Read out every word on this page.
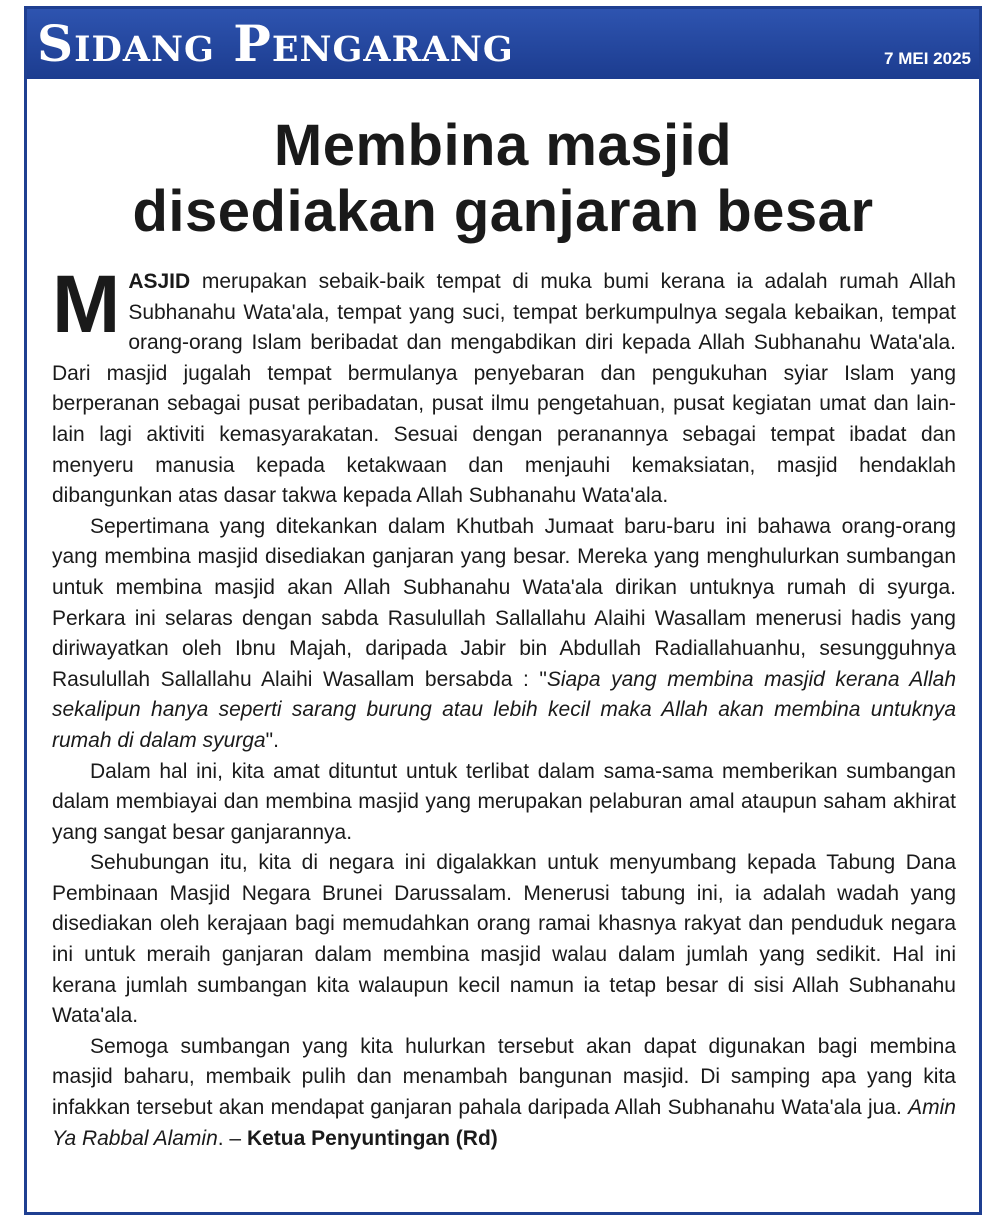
Sidang Pengarang	7 MEI 2025
Membina masjid
disediakan ganjaran besar

MASJID merupakan sebaik-baik tempat di muka bumi kerana ia adalah rumah Allah Subhanahu Wata'ala, tempat yang suci, tempat berkumpulnya segala kebaikan, tempat orang-orang Islam beribadat dan mengabdikan diri kepada Allah Subhanahu Wata'ala. Dari masjid jugalah tempat bermulanya penyebaran dan pengukuhan syiar Islam yang berperanan sebagai pusat peribadatan, pusat ilmu pengetahuan, pusat kegiatan umat dan lain-lain lagi aktiviti kemasyarakatan. Sesuai dengan peranannya sebagai tempat ibadat dan menyeru manusia kepada ketakwaan dan menjauhi kemaksiatan, masjid hendaklah dibangunkan atas dasar takwa kepada Allah Subhanahu Wata'ala.

Sepertimana yang ditekankan dalam Khutbah Jumaat baru-baru ini bahawa orang-orang yang membina masjid disediakan ganjaran yang besar. Mereka yang menghulurkan sumbangan untuk membina masjid akan Allah Subhanahu Wata'ala dirikan untuknya rumah di syurga. Perkara ini selaras dengan sabda Rasulullah Sallallahu Alaihi Wasallam menerusi hadis yang diriwayatkan oleh Ibnu Majah, daripada Jabir bin Abdullah Radiallahuanhu, sesungguhnya Rasulullah Sallallahu Alaihi Wasallam bersabda : "Siapa yang membina masjid kerana Allah sekalipun hanya seperti sarang burung atau lebih kecil maka Allah akan membina untuknya rumah di dalam syurga".

Dalam hal ini, kita amat dituntut untuk terlibat dalam sama-sama memberikan sumbangan dalam membiayai dan membina masjid yang merupakan pelaburan amal ataupun saham akhirat yang sangat besar ganjarannya.

Sehubungan itu, kita di negara ini digalakkan untuk menyumbang kepada Tabung Dana Pembinaan Masjid Negara Brunei Darussalam. Menerusi tabung ini, ia adalah wadah yang disediakan oleh kerajaan bagi memudahkan orang ramai khasnya rakyat dan penduduk negara ini untuk meraih ganjaran dalam membina masjid walau dalam jumlah yang sedikit. Hal ini kerana jumlah sumbangan kita walaupun kecil namun ia tetap besar di sisi Allah Subhanahu Wata'ala.

Semoga sumbangan yang kita hulurkan tersebut akan dapat digunakan bagi membina masjid baharu, membaik pulih dan menambah bangunan masjid. Di samping apa yang kita infakkan tersebut akan mendapat ganjaran pahala daripada Allah Subhanahu Wata'ala jua. Amin Ya Rabbal Alamin. – Ketua Penyuntingan (Rd)
